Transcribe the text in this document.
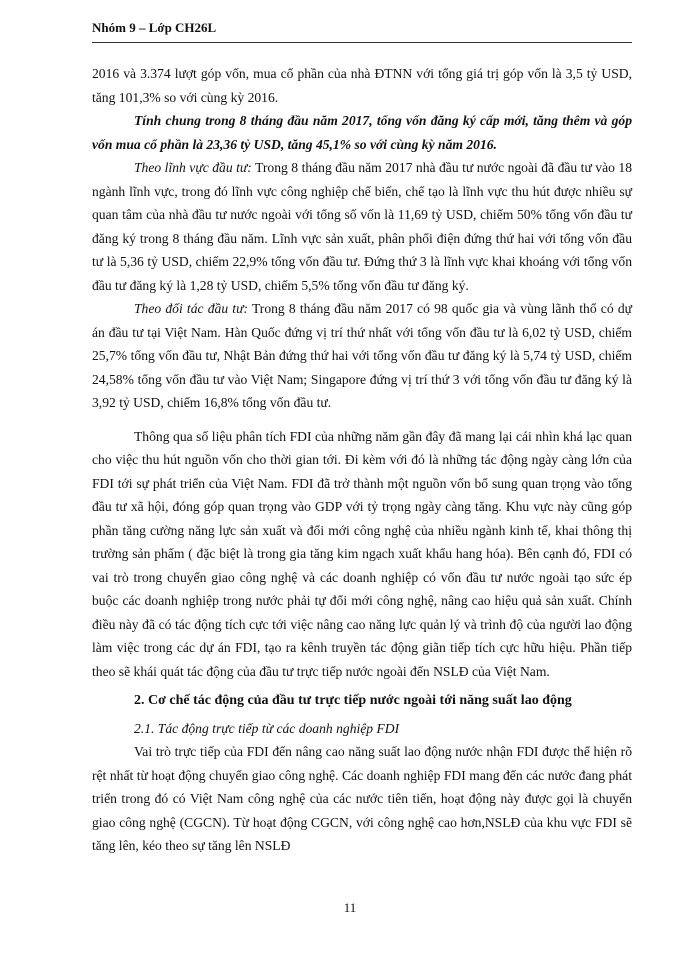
Nhóm 9 – Lớp CH26L

2016 và 3.374 lượt góp vốn, mua cổ phần của nhà ĐTNN với tổng giá trị góp vốn là 3,5 tỷ USD, tăng 101,3% so với cùng kỳ 2016.

Tính chung trong 8 tháng đầu năm 2017, tổng vốn đăng ký cấp mới, tăng thêm và góp vốn mua cổ phần là 23,36 tỷ USD, tăng 45,1% so với cùng kỳ năm 2016.

Theo lĩnh vực đầu tư: Trong 8 tháng đầu năm 2017 nhà đầu tư nước ngoài đã đầu tư vào 18 ngành lĩnh vực, trong đó lĩnh vực công nghiệp chế biến, chế tạo là lĩnh vực thu hút được nhiều sự quan tâm của nhà đầu tư nước ngoài với tổng số vốn là 11,69 tỷ USD, chiếm 50% tổng vốn đầu tư đăng ký trong 8 tháng đầu năm. Lĩnh vực sản xuất, phân phối điện đứng thứ hai với tổng vốn đầu tư là 5,36 tỷ USD, chiếm 22,9% tổng vốn đầu tư. Đứng thứ 3 là lĩnh vực khai khoáng với tổng vốn đầu tư đăng ký là 1,28 tỷ USD, chiếm 5,5% tổng vốn đầu tư đăng ký.

Theo đối tác đầu tư: Trong 8 tháng đầu năm 2017 có 98 quốc gia và vùng lãnh thổ có dự án đầu tư tại Việt Nam. Hàn Quốc đứng vị trí thứ nhất với tổng vốn đầu tư là 6,02 tỷ USD, chiếm 25,7% tổng vốn đầu tư, Nhật Bản đứng thứ hai với tổng vốn đầu tư đăng ký là 5,74 tỷ USD, chiếm 24,58% tổng vốn đầu tư vào Việt Nam; Singapore đứng vị trí thứ 3 với tổng vốn đầu tư đăng ký là 3,92 tỷ USD, chiếm 16,8% tổng vốn đầu tư.

Thông qua số liệu phân tích FDI của những năm gần đây đã mang lại cái nhìn khá lạc quan cho việc thu hút nguồn vốn cho thời gian tới. Đi kèm với đó là những tác động ngày càng lớn của FDI tới sự phát triển của Việt Nam. FDI đã trở thành một nguồn vốn bổ sung quan trọng vào tổng đầu tư xã hội, đóng góp quan trọng vào GDP với tỷ trọng ngày càng tăng. Khu vực này cũng góp phần tăng cường năng lực sản xuất và đổi mới công nghệ của nhiều ngành kinh tế, khai thông thị trường sản phẩm ( đặc biệt là trong gia tăng kim ngạch xuất khẩu hang hóa). Bên cạnh đó, FDI có vai trò trong chuyển giao công nghệ và các doanh nghiệp có vốn đầu tư nước ngoài tạo sức ép buộc các doanh nghiệp trong nước phải tự đổi mới công nghệ, nâng cao hiệu quả sản xuất. Chính điều này đã có tác động tích cực tới việc nâng cao năng lực quản lý và trình độ của người lao động làm việc trong các dự án FDI, tạo ra kênh truyền tác động giãn tiếp tích cực hữu hiệu. Phần tiếp theo sẽ khái quát tác động của đầu tư trực tiếp nước ngoài đến NSLĐ của Việt Nam.

2. Cơ chế tác động của đầu tư trực tiếp nước ngoài tới năng suất lao động

2.1. Tác động trực tiếp từ các doanh nghiệp FDI

Vai trò trực tiếp của FDI đến nâng cao năng suất lao động nước nhận FDI được thể hiện rõ rệt nhất từ hoạt động chuyển giao công nghệ. Các doanh nghiệp FDI mang đến các nước đang phát triển trong đó có Việt Nam công nghệ của các nước tiên tiến, hoạt động này được gọi là chuyển giao công nghệ (CGCN). Từ hoạt động CGCN, với công nghệ cao hơn,NSLĐ của khu vực FDI sẽ tăng lên, kéo theo sự tăng lên NSLĐ

11
